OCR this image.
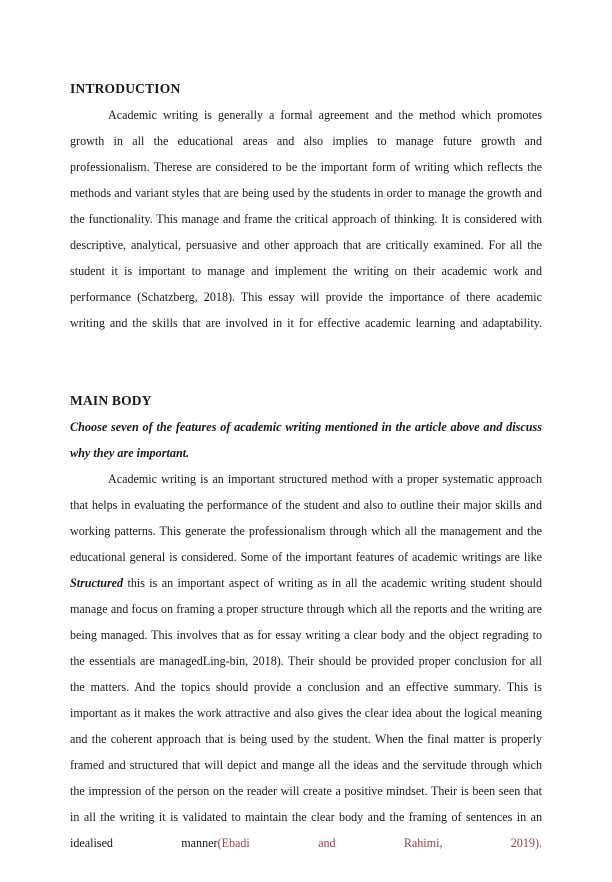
INTRODUCTION

Academic writing is generally a formal agreement and the method which promotes growth in all the educational areas and also implies to manage future growth and professionalism. Therese are considered to be the important form of writing which reflects the methods and variant styles that are being used by the students in order to manage the growth and the functionality. This manage and frame the critical approach of thinking. It is considered with descriptive, analytical, persuasive and other approach that are critically examined. For all the student it is important to manage and implement the writing on their academic work and performance (Schatzberg, 2018). This essay will provide the importance of there academic writing and the skills that are involved in it for effective academic learning and adaptability.

MAIN BODY

Choose seven of the features of academic writing mentioned in the article above and discuss why they are important.

Academic writing is an important structured method with a proper systematic approach that helps in evaluating the performance of the student and also to outline their major skills and working patterns. This generate the professionalism through which all the management and the educational general is considered. Some of the important features of academic writings are like Structured this is an important aspect of writing as in all the academic writing student should manage and focus on framing a proper structure through which all the reports and the writing are being managed. This involves that as for essay writing a clear body and the object regrading to the essentials are managedLing-bin, 2018). Their should be provided proper conclusion for all the matters. And the topics should provide a conclusion and an effective summary. This is important as it makes the work attractive and also gives the clear idea about the logical meaning and the coherent approach that is being used by the student. When the final matter is properly framed and structured that will depict and mange all the ideas and the servitude through which the impression of the person on the reader will create a positive mindset. Their is been seen that in all the writing it is validated to maintain the clear body and the framing of sentences in an idealised manner(Ebadi and Rahimi, 2019).
